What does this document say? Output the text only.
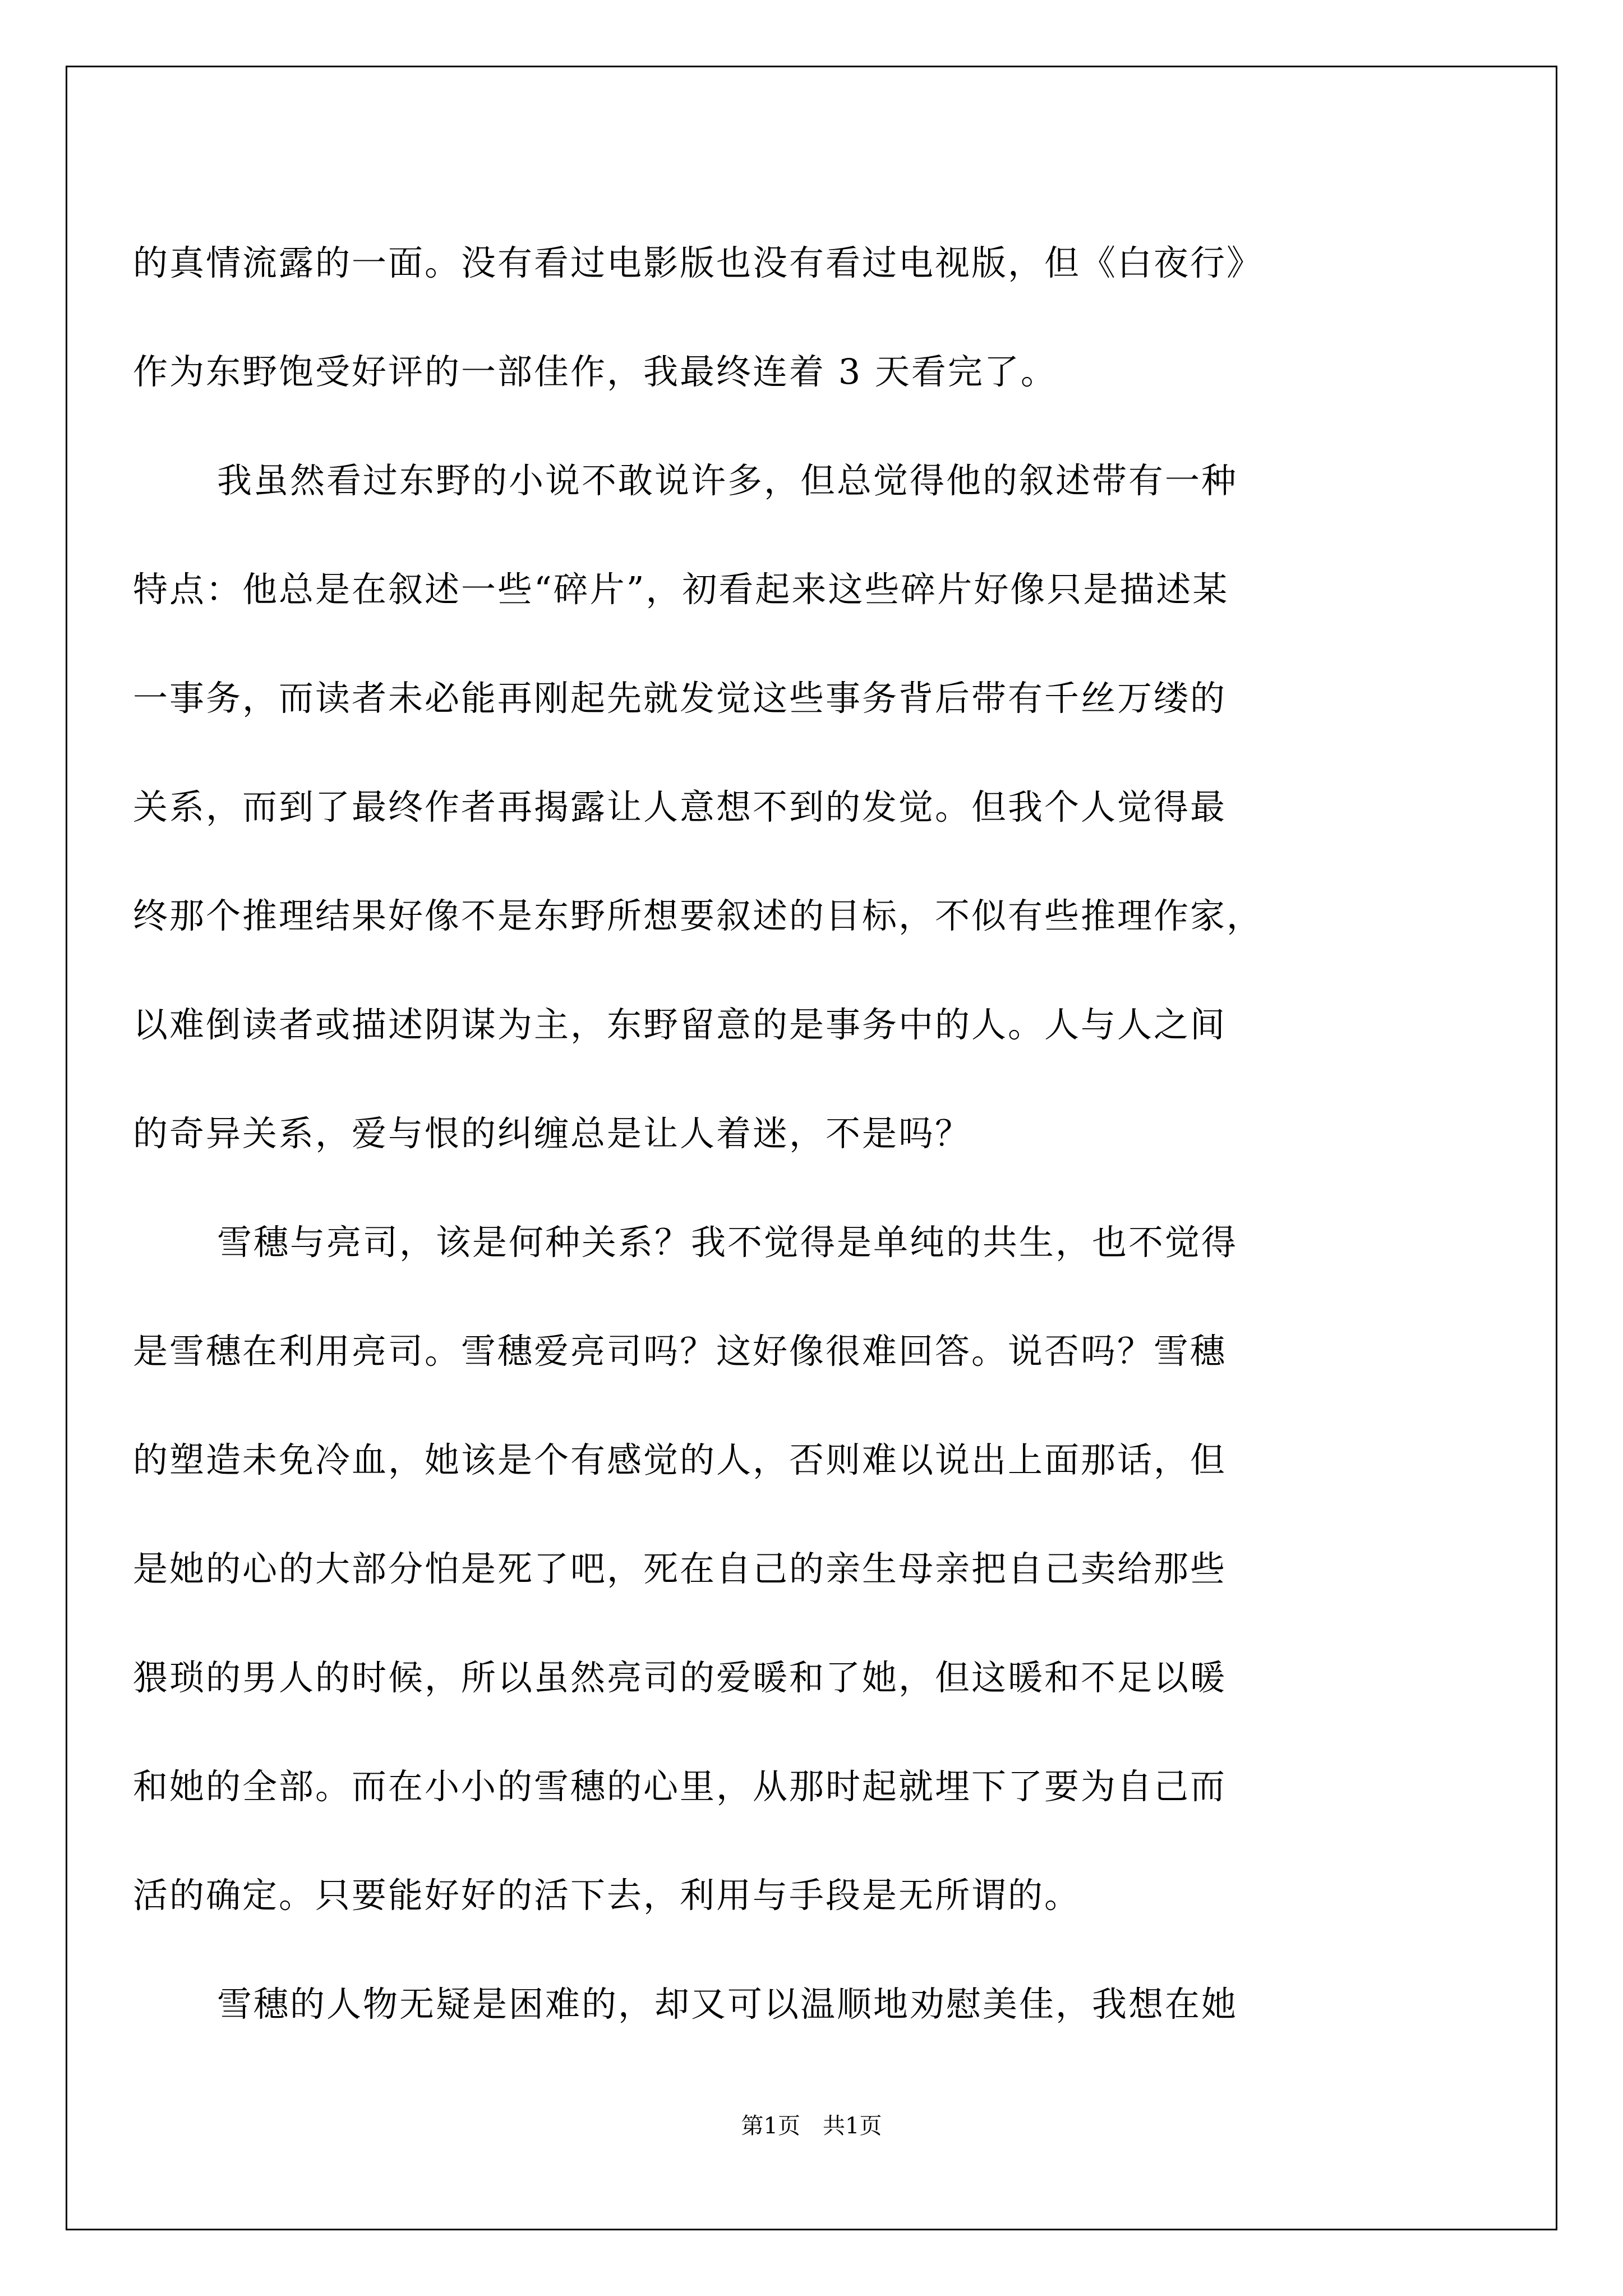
的真情流露的一面。没有看过电影版也没有看过电视版，但《白夜行》
作为东野饱受好评的一部佳作，我最终连着 3 天看完了。
我虽然看过东野的小说不敢说许多，但总觉得他的叙述带有一种
特点：他总是在叙述一些“碎片”，初看起来这些碎片好像只是描述某
一事务，而读者未必能再刚起先就发觉这些事务背后带有千丝万缕的
关系，而到了最终作者再揭露让人意想不到的发觉。但我个人觉得最
终那个推理结果好像不是东野所想要叙述的目标，不似有些推理作家，
以难倒读者或描述阴谋为主，东野留意的是事务中的人。人与人之间
的奇异关系，爱与恨的纠缠总是让人着迷，不是吗？
雪穗与亮司，该是何种关系？我不觉得是单纯的共生，也不觉得
是雪穗在利用亮司。雪穗爱亮司吗？这好像很难回答。说否吗？雪穗
的塑造未免冷血，她该是个有感觉的人，否则难以说出上面那话，但
是她的心的大部分怕是死了吧，死在自己的亲生母亲把自己卖给那些
猥琐的男人的时候，所以虽然亮司的爱暖和了她，但这暖和不足以暖
和她的全部。而在小小的雪穗的心里，从那时起就埋下了要为自己而
活的确定。只要能好好的活下去，利用与手段是无所谓的。
雪穗的人物无疑是困难的，却又可以温顺地劝慰美佳，我想在她
第1页　共1页
